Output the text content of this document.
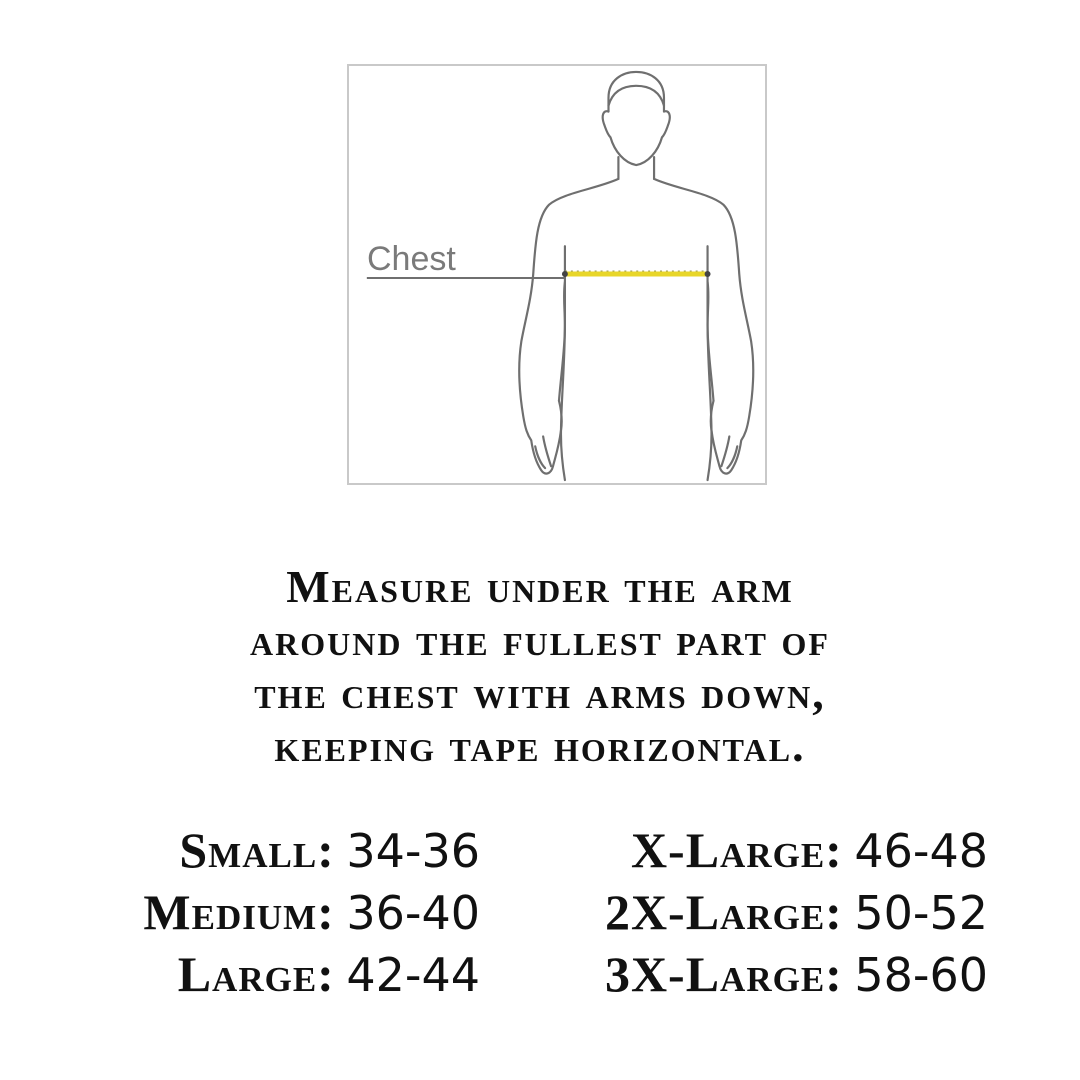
Chest
Measure under the arm
around the fullest part of
the chest with arms down,
keeping tape horizontal.
Small: 34-36
Medium: 36-40
Large: 42-44
X-Large: 46-48
2X-Large: 50-52
3X-Large: 58-60
